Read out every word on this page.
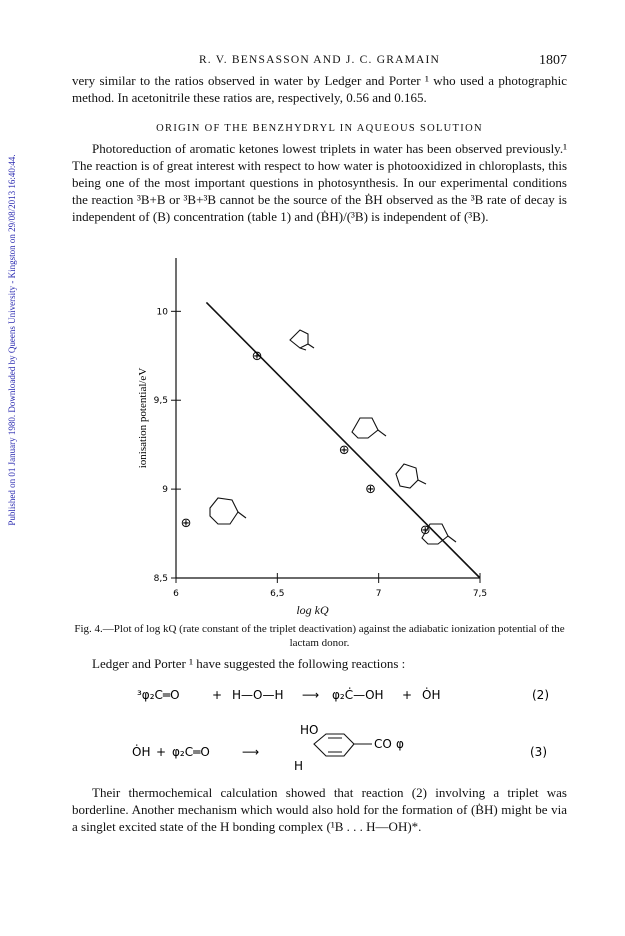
Published on 01 January 1980. Downloaded by Queens University - Kingston on 29/08/2013 16:40:44.
R. V. BENSASSON AND J. C. GRAMAIN	1807

very similar to the ratios observed in water by Ledger and Porter ¹ who used a photographic method. In acetonitrile these ratios are, respectively, 0.56 and 0.165.

ORIGIN OF THE BENZHYDRYL IN AQUEOUS SOLUTION

Photoreduction of aromatic ketones lowest triplets in water has been observed previously.¹ The reaction is of great interest with respect to how water is photooxidized in chloroplasts, this being one of the most important questions in photosynthesis. In our experimental conditions the reaction ³B+B or ³B+³B cannot be the source of the ḂH observed as the ³B rate of decay is independent of (B) concentration (table 1) and (ḂH)/(³B) is independent of (³B).

6	6,5	7	7,5
8,5
9
9,5
10
ionisation potential/eV
⊕
⊕
⊕
⊕
⊕
log kQ
Fig. 4.—Plot of log kQ (rate constant of the triplet deactivation) against the adiabatic ionization potential of the lactam donor.

Ledger and Porter ¹ have suggested the following reactions :

³φ₂C═O	+ H—O—H ⟶ φ₂Ċ—OH + ȮH	(2)
ȮH + φ₂C═O	⟶
HO
H
CO φ
(3)

Their thermochemical calculation showed that reaction (2) involving a triplet was borderline. Another mechanism which would also hold for the formation of (ḂH) might be via a singlet excited state of the H bonding complex (¹B . . . H—OH)*.
